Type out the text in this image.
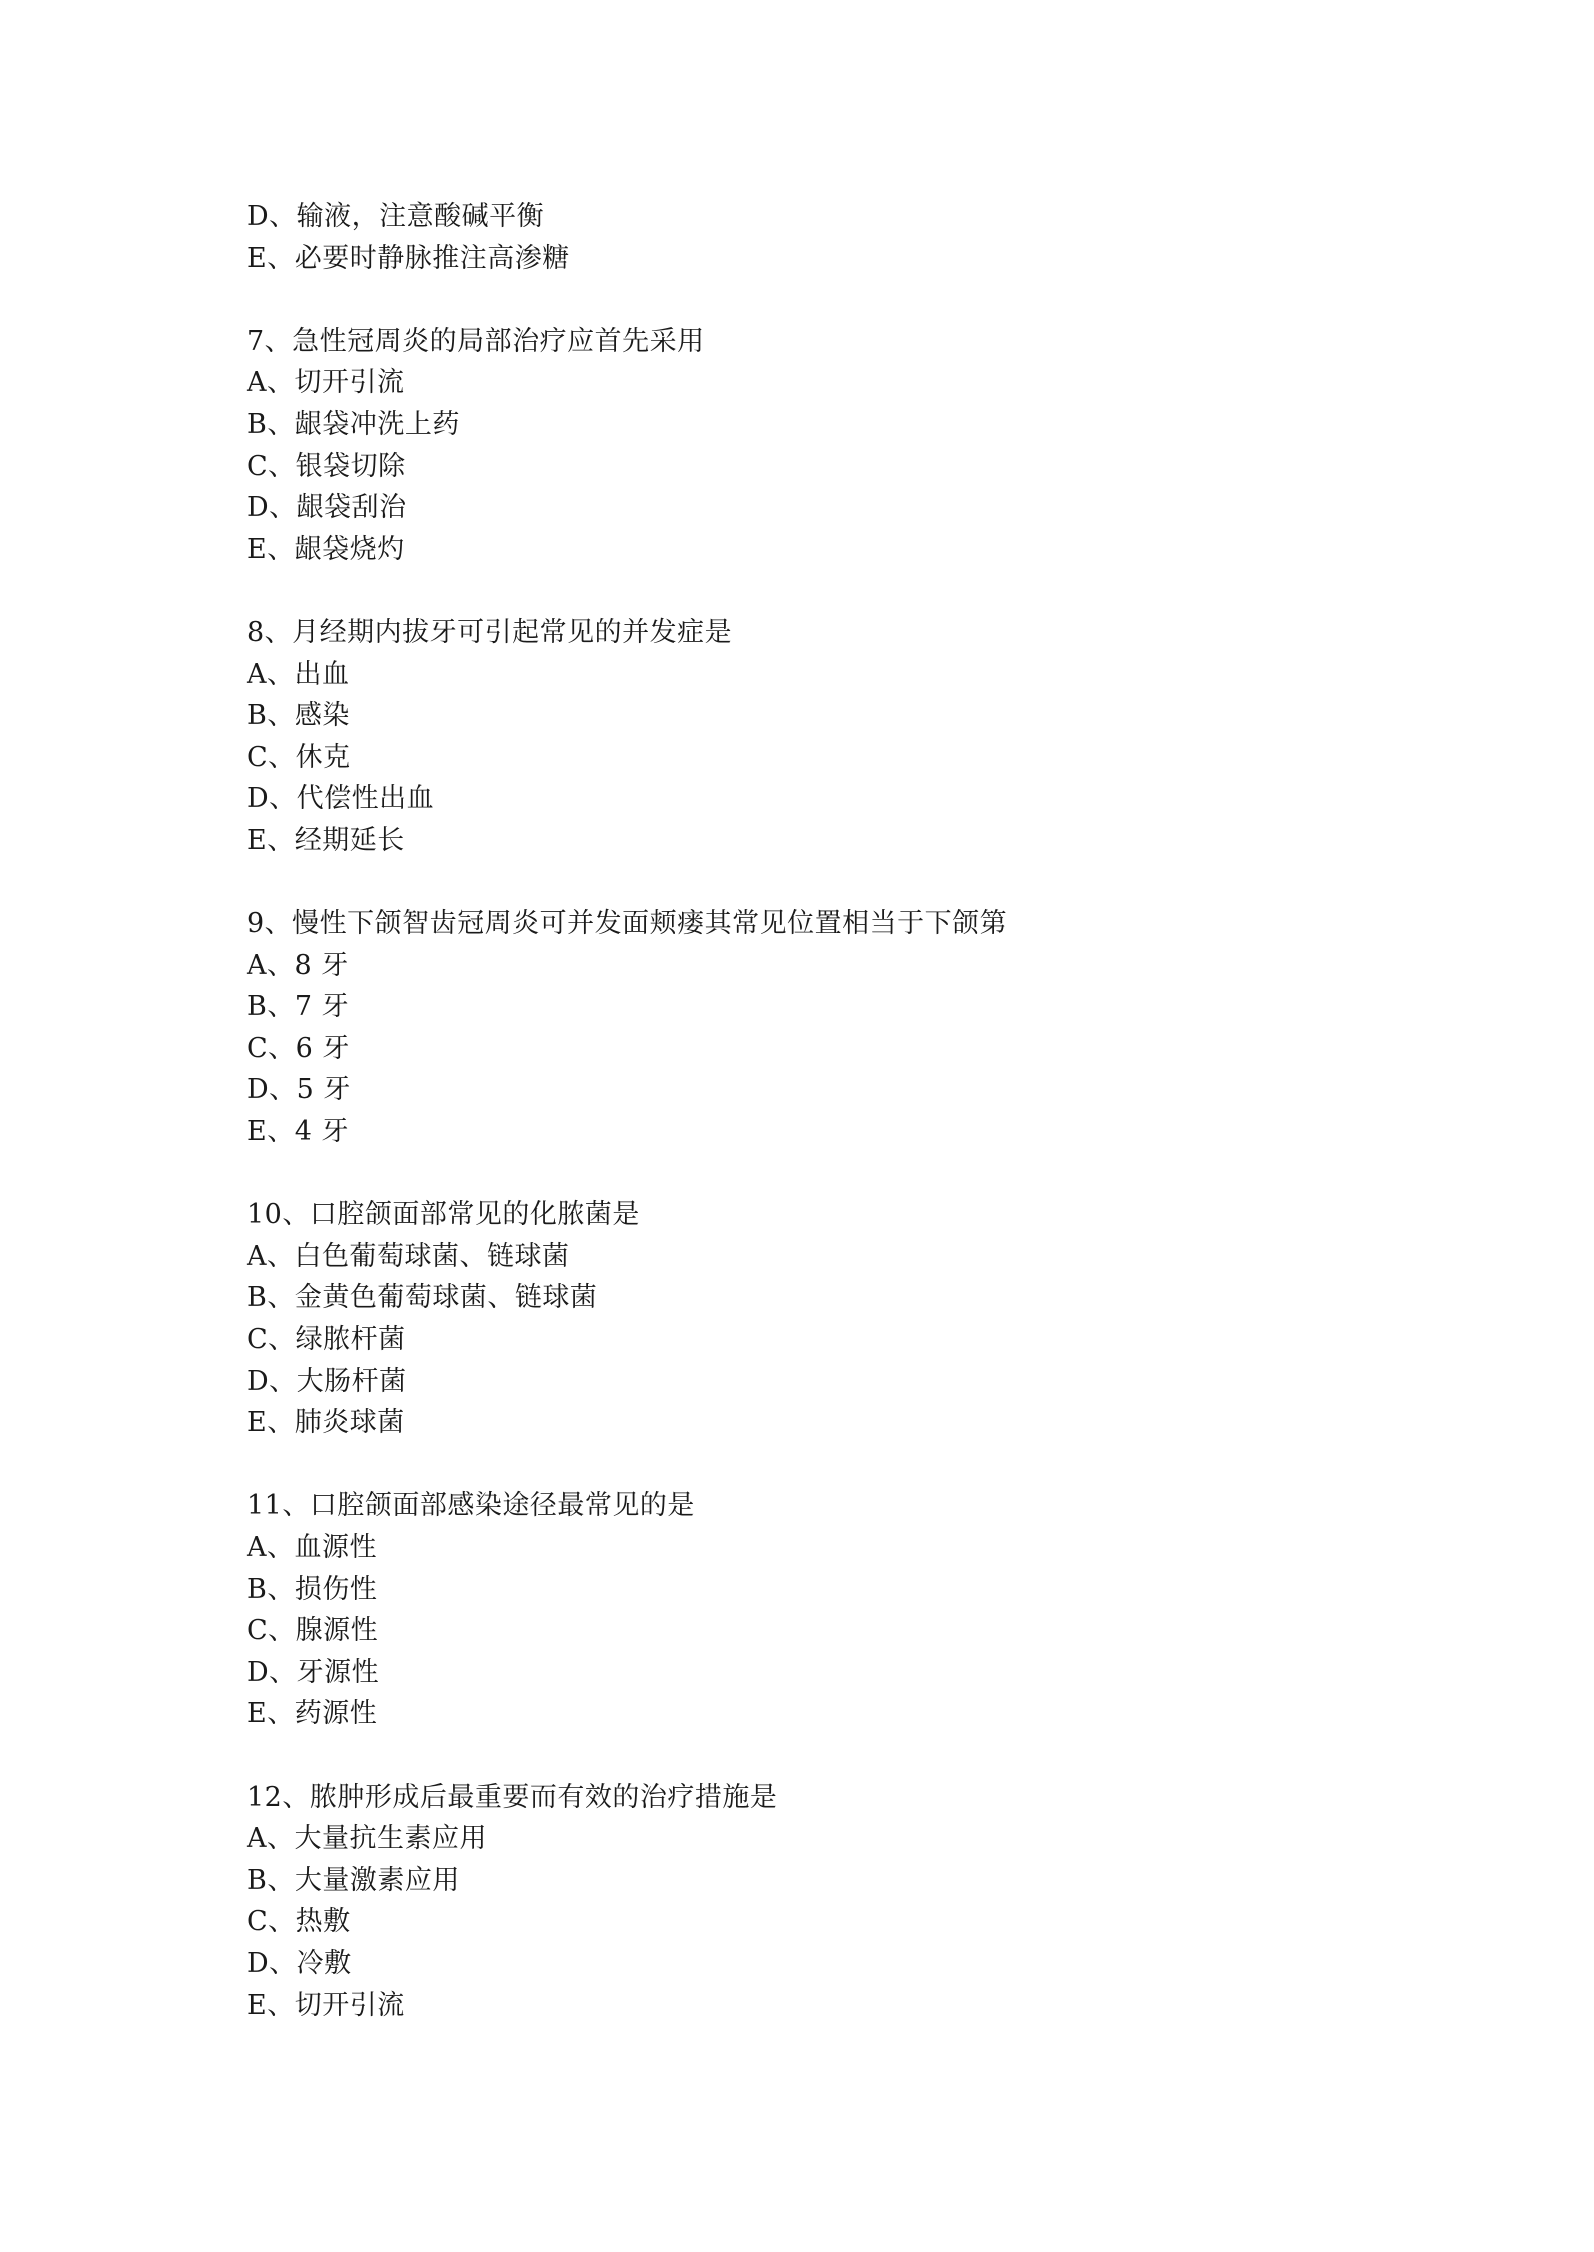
D、输液，注意酸碱平衡
E、必要时静脉推注高渗糖
7、急性冠周炎的局部治疗应首先采用
A、切开引流
B、龈袋冲洗上药
C、银袋切除
D、龈袋刮治
E、龈袋烧灼
8、月经期内拔牙可引起常见的并发症是
A、出血
B、感染
C、休克
D、代偿性出血
E、经期延长
9、慢性下颌智齿冠周炎可并发面颊瘘其常见位置相当于下颌第
A、8 牙
B、7 牙
C、6 牙
D、5 牙
E、4 牙
10、口腔颌面部常见的化脓菌是
A、白色葡萄球菌、链球菌
B、金黄色葡萄球菌、链球菌
C、绿脓杆菌
D、大肠杆菌
E、肺炎球菌
11、口腔颌面部感染途径最常见的是
A、血源性
B、损伤性
C、腺源性
D、牙源性
E、药源性
12、脓肿形成后最重要而有效的治疗措施是
A、大量抗生素应用
B、大量激素应用
C、热敷
D、冷敷
E、切开引流
